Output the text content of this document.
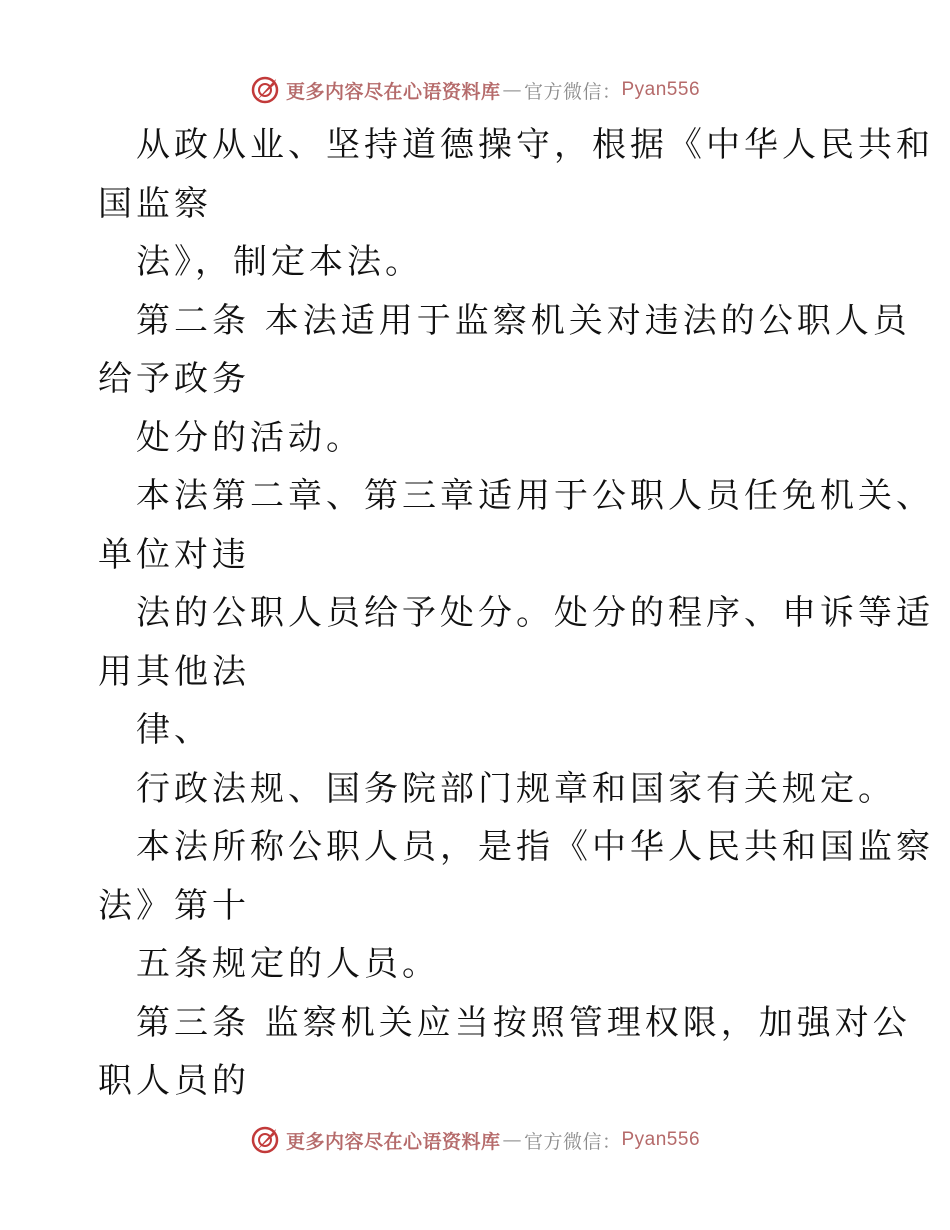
更多内容尽在心语资料库 — 官方微信： Pyan556
从政从业、坚持道德操守，根据《中华人民共和
国监察
法》，制定本法。
第二条 本法适用于监察机关对违法的公职人员
给予政务
处分的活动。
本法第二章、第三章适用于公职人员任免机关、
单位对违
法的公职人员给予处分。处分的程序、申诉等适
用其他法
律、
行政法规、国务院部门规章和国家有关规定。
本法所称公职人员，是指《中华人民共和国监察
法》第十
五条规定的人员。
第三条 监察机关应当按照管理权限，加强对公
职人员的
更多内容尽在心语资料库 — 官方微信： Pyan556
